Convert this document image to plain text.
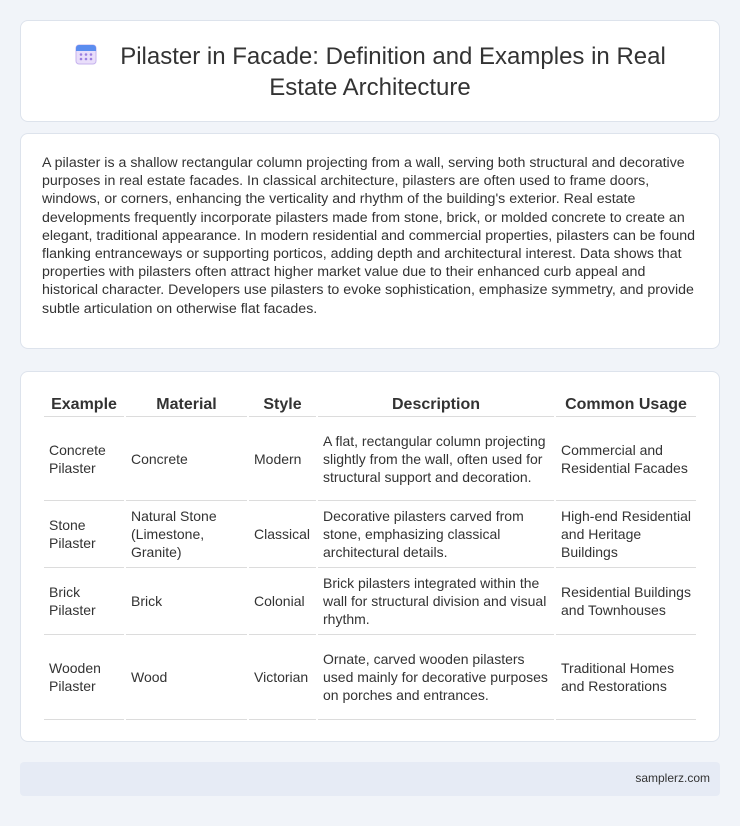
Pilaster in Facade: Definition and Examples in Real Estate Architecture

A pilaster is a shallow rectangular column projecting from a wall, serving both structural and decorative purposes in real estate facades. In classical architecture, pilasters are often used to frame doors, windows, or corners, enhancing the verticality and rhythm of the building's exterior. Real estate developments frequently incorporate pilasters made from stone, brick, or molded concrete to create an elegant, traditional appearance. In modern residential and commercial properties, pilasters can be found flanking entranceways or supporting porticos, adding depth and architectural interest. Data shows that properties with pilasters often attract higher market value due to their enhanced curb appeal and historical character. Developers use pilasters to evoke sophistication, emphasize symmetry, and provide subtle articulation on otherwise flat facades.

Example	Material	Style	Description	Common Usage
Concrete Pilaster	Concrete	Modern	A flat, rectangular column projecting slightly from the wall, often used for structural support and decoration.	Commercial and Residential Facades
Stone Pilaster	Natural Stone (Limestone, Granite)	Classical	Decorative pilasters carved from stone, emphasizing classical architectural details.	High-end Residential and Heritage Buildings
Brick Pilaster	Brick	Colonial	Brick pilasters integrated within the wall for structural division and visual rhythm.	Residential Buildings and Townhouses
Wooden Pilaster	Wood	Victorian	Ornate, carved wooden pilasters used mainly for decorative purposes on porches and entrances.	Traditional Homes and Restorations
samplerz.com
